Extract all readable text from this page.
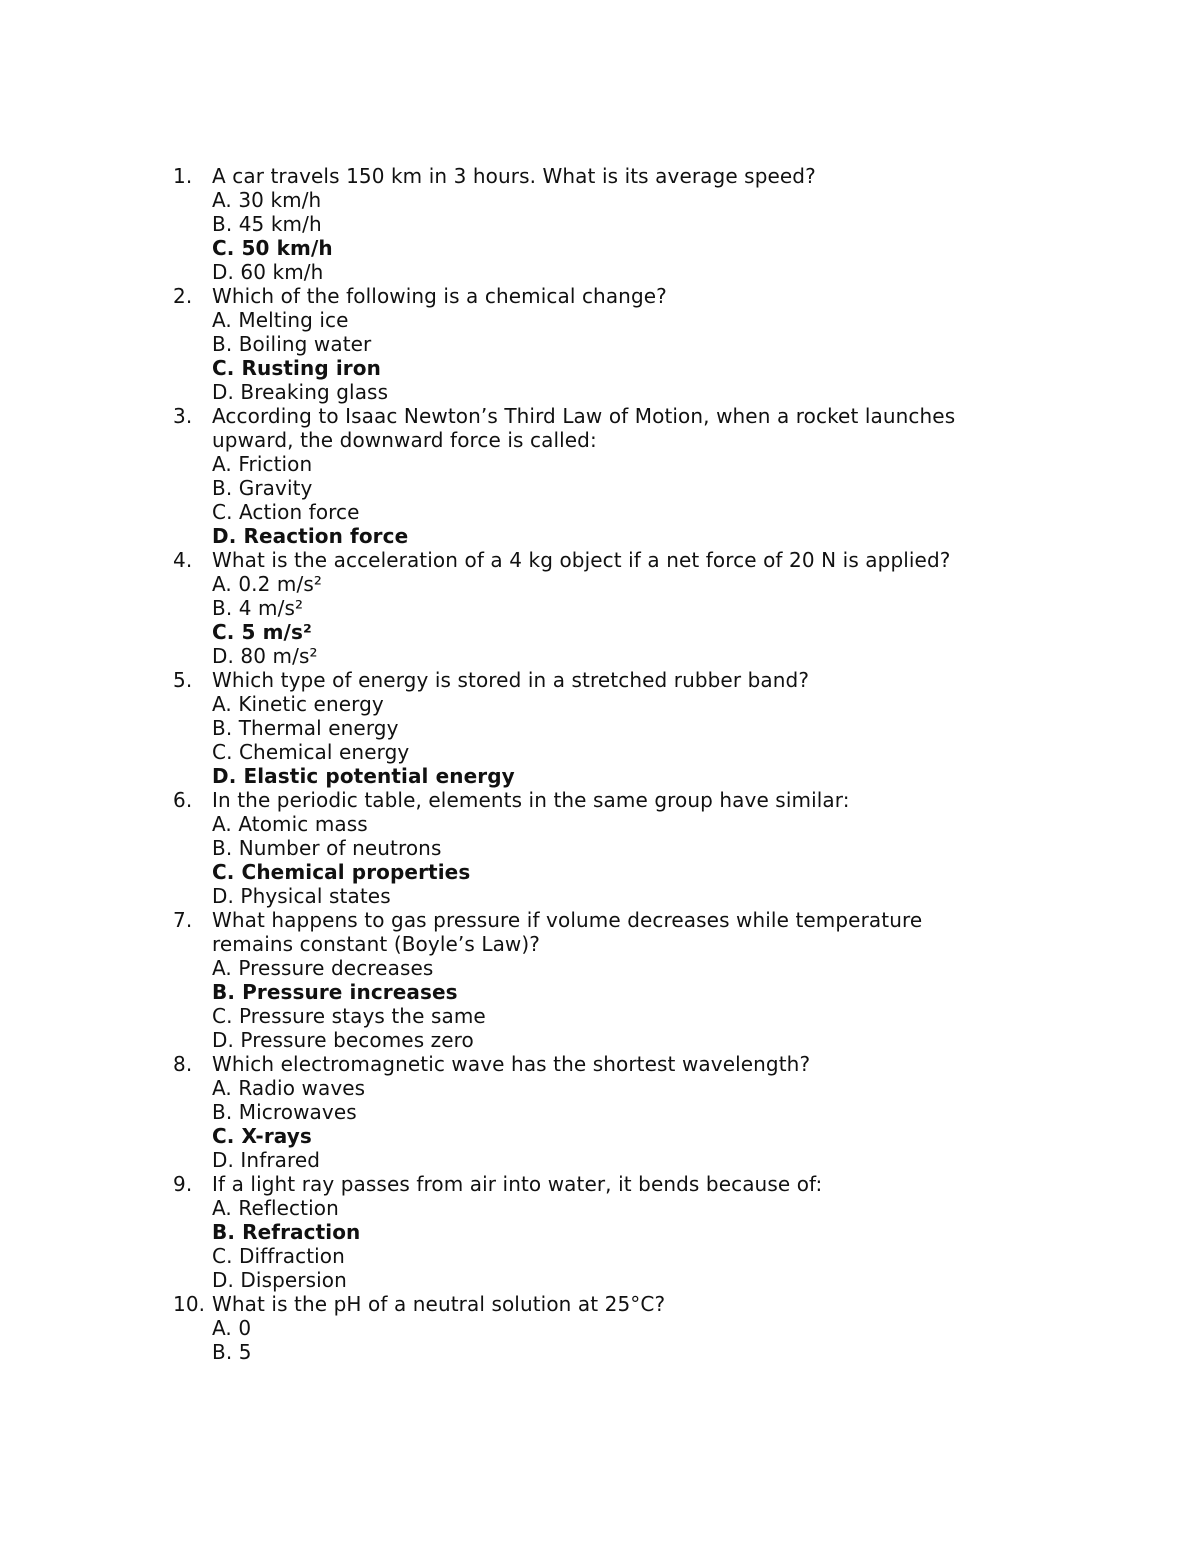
1. A car travels 150 km in 3 hours. What is its average speed?
A. 30 km/h
B. 45 km/h
C. 50 km/h
D. 60 km/h
2. Which of the following is a chemical change?
A. Melting ice
B. Boiling water
C. Rusting iron
D. Breaking glass
3. According to Isaac Newton’s Third Law of Motion, when a rocket launches
upward, the downward force is called:
A. Friction
B. Gravity
C. Action force
D. Reaction force
4. What is the acceleration of a 4 kg object if a net force of 20 N is applied?
A. 0.2 m/s²
B. 4 m/s²
C. 5 m/s²
D. 80 m/s²
5. Which type of energy is stored in a stretched rubber band?
A. Kinetic energy
B. Thermal energy
C. Chemical energy
D. Elastic potential energy
6. In the periodic table, elements in the same group have similar:
A. Atomic mass
B. Number of neutrons
C. Chemical properties
D. Physical states
7. What happens to gas pressure if volume decreases while temperature
remains constant (Boyle’s Law)?
A. Pressure decreases
B. Pressure increases
C. Pressure stays the same
D. Pressure becomes zero
8. Which electromagnetic wave has the shortest wavelength?
A. Radio waves
B. Microwaves
C. X-rays
D. Infrared
9. If a light ray passes from air into water, it bends because of:
A. Reflection
B. Refraction
C. Diffraction
D. Dispersion
10. What is the pH of a neutral solution at 25°C?
A. 0
B. 5
